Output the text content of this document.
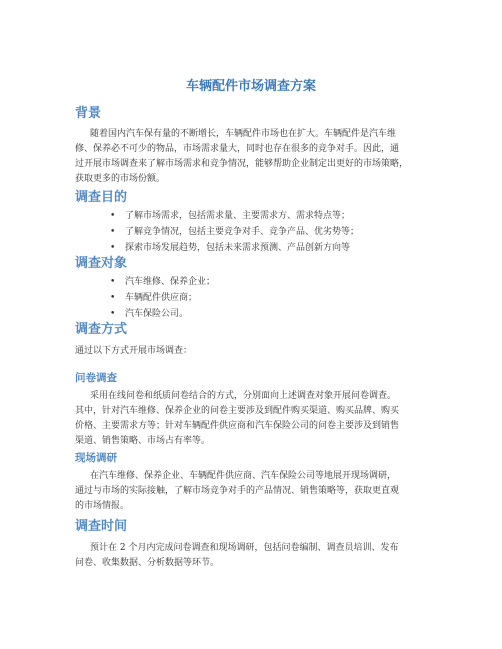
车辆配件市场调查方案
背景
随着国内汽车保有量的不断增长，车辆配件市场也在扩大。车辆配件是汽车维
修、保养必不可少的物品，市场需求量大，同时也存在很多的竞争对手。因此，通
过开展市场调查来了解市场需求和竞争情况，能够帮助企业制定出更好的市场策略，
获取更多的市场份额。
调查目的
• 了解市场需求，包括需求量、主要需求方、需求特点等；
• 了解竞争情况，包括主要竞争对手、竞争产品、优劣势等；
• 探索市场发展趋势，包括未来需求预测、产品创新方向等
调查对象
• 汽车维修、保养企业；
• 车辆配件供应商；
• 汽车保险公司。
调查方式
通过以下方式开展市场调查：
问卷调查
采用在线问卷和纸质问卷结合的方式，分别面向上述调查对象开展问卷调查。
其中，针对汽车维修、保养企业的问卷主要涉及到配件购买渠道、购买品牌、购买
价格、主要需求方等；针对车辆配件供应商和汽车保险公司的问卷主要涉及到销售
渠道、销售策略、市场占有率等。
现场调研
在汽车维修、保养企业、车辆配件供应商、汽车保险公司等地展开现场调研，
通过与市场的实际接触，了解市场竞争对手的产品情况、销售策略等，获取更直观
的市场情报。
调查时间
预计在 2 个月内完成问卷调查和现场调研，包括问卷编制、调查员培训、发布
问卷、收集数据、分析数据等环节。
